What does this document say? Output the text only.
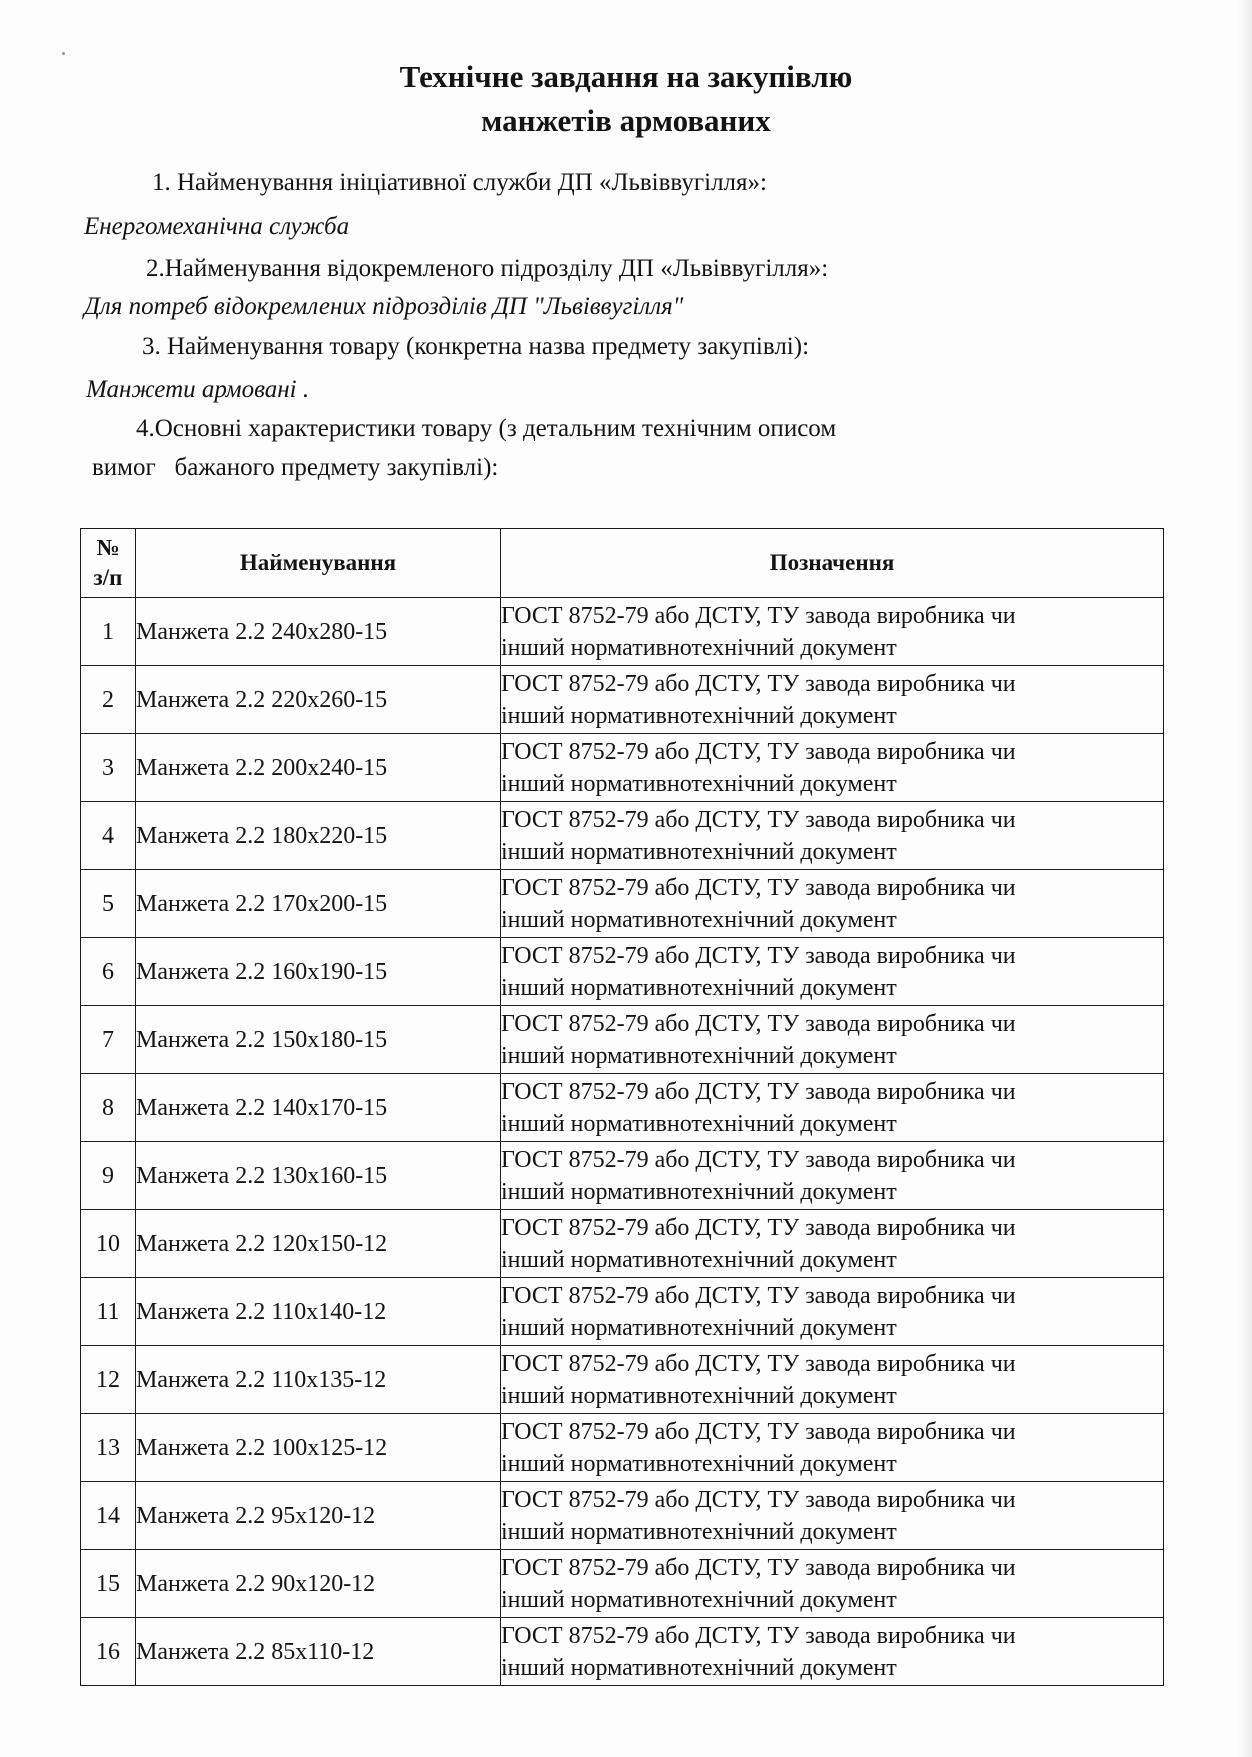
Технічне завдання на закупівлю
манжетів армованих
1. Найменування ініціативної служби ДП «Львіввугілля»:
Енергомеханічна служба
2.Найменування відокремленого підрозділу ДП «Львіввугілля»:
Для потреб відокремлених підрозділів ДП "Львіввугілля"
3. Найменування товару (конкретна назва предмету закупівлі):
Манжети армовані .
4.Основні характеристики товару (з детальним технічним описом
вимог   бажаного предмету закупівлі):
№
з/п	Найменування	Позначення
1	Манжета 2.2 240х280-15	ГОСТ 8752-79 або ДСТУ, ТУ завода виробника чи
інший нормативнотехнічний документ

2	Манжета 2.2 220х260-15	ГОСТ 8752-79 або ДСТУ, ТУ завода виробника чи
інший нормативнотехнічний документ

3	Манжета 2.2 200х240-15	ГОСТ 8752-79 або ДСТУ, ТУ завода виробника чи
інший нормативнотехнічний документ

4	Манжета 2.2 180х220-15	ГОСТ 8752-79 або ДСТУ, ТУ завода виробника чи
інший нормативнотехнічний документ

5	Манжета 2.2 170х200-15	ГОСТ 8752-79 або ДСТУ, ТУ завода виробника чи
інший нормативнотехнічний документ

6	Манжета 2.2 160х190-15	ГОСТ 8752-79 або ДСТУ, ТУ завода виробника чи
інший нормативнотехнічний документ

7	Манжета 2.2 150х180-15	ГОСТ 8752-79 або ДСТУ, ТУ завода виробника чи
інший нормативнотехнічний документ

8	Манжета 2.2 140х170-15	ГОСТ 8752-79 або ДСТУ, ТУ завода виробника чи
інший нормативнотехнічний документ

9	Манжета 2.2 130х160-15	ГОСТ 8752-79 або ДСТУ, ТУ завода виробника чи
інший нормативнотехнічний документ

10	Манжета 2.2 120х150-12	ГОСТ 8752-79 або ДСТУ, ТУ завода виробника чи
інший нормативнотехнічний документ

11	Манжета 2.2 110х140-12	ГОСТ 8752-79 або ДСТУ, ТУ завода виробника чи
інший нормативнотехнічний документ

12	Манжета 2.2 110х135-12	ГОСТ 8752-79 або ДСТУ, ТУ завода виробника чи
інший нормативнотехнічний документ

13	Манжета 2.2 100х125-12	ГОСТ 8752-79 або ДСТУ, ТУ завода виробника чи
інший нормативнотехнічний документ

14	Манжета 2.2 95х120-12	ГОСТ 8752-79 або ДСТУ, ТУ завода виробника чи
інший нормативнотехнічний документ

15	Манжета 2.2 90х120-12	ГОСТ 8752-79 або ДСТУ, ТУ завода виробника чи
інший нормативнотехнічний документ

16	Манжета 2.2 85х110-12	ГОСТ 8752-79 або ДСТУ, ТУ завода виробника чи
інший нормативнотехнічний документ
